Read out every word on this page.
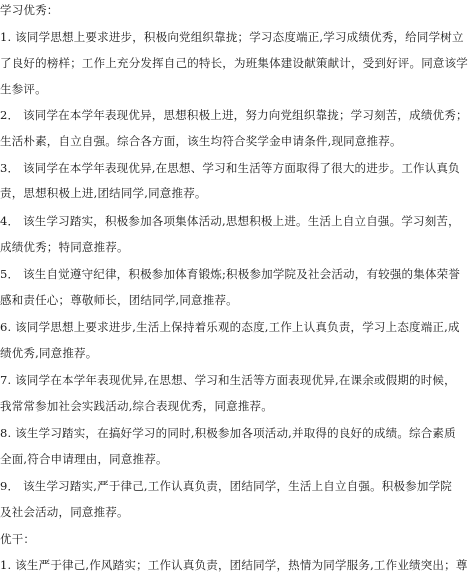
学习优秀：
1. 该同学思想上要求进步，积极向党组织靠拢；学习态度端正,学习成绩优秀，给同学树立
了良好的榜样；工作上充分发挥自己的特长，为班集体建设献策献计，受到好评。同意该学
生参评。
2． 该同学在本学年表现优异，思想积极上进，努力向党组织靠拢；学习刻苦，成绩优秀；
生活朴素，自立自强。综合各方面，该生均符合奖学金申请条件,现同意推荐。
3． 该同学在本学年表现优异,在思想、学习和生活等方面取得了很大的进步。工作认真负
责，思想积极上进,团结同学,同意推荐。
4． 该生学习踏实，积极参加各项集体活动,思想积极上进。生活上自立自强。学习刻苦，
成绩优秀；特同意推荐。
5． 该生自觉遵守纪律，积极参加体育锻炼;积极参加学院及社会活动，有较强的集体荣誉
感和责任心；尊敬师长，团结同学,同意推荐。
6. 该同学思想上要求进步,生活上保持着乐观的态度,工作上认真负责，学习上态度端正,成
绩优秀,同意推荐。
7. 该同学在本学年表现优异,在思想、学习和生活等方面表现优异,在课余或假期的时候，
我常常参加社会实践活动,综合表现优秀，同意推荐。
8. 该生学习踏实，在搞好学习的同时,积极参加各项活动,并取得的良好的成绩。综合素质
全面,符合申请理由，同意推荐。
9． 该生学习踏实,严于律己,工作认真负责，团结同学，生活上自立自强。积极参加学院
及社会活动，同意推荐。
优干：
1. 该生严于律己,作风踏实；工作认真负责，团结同学，热情为同学服务,工作业绩突出；尊
